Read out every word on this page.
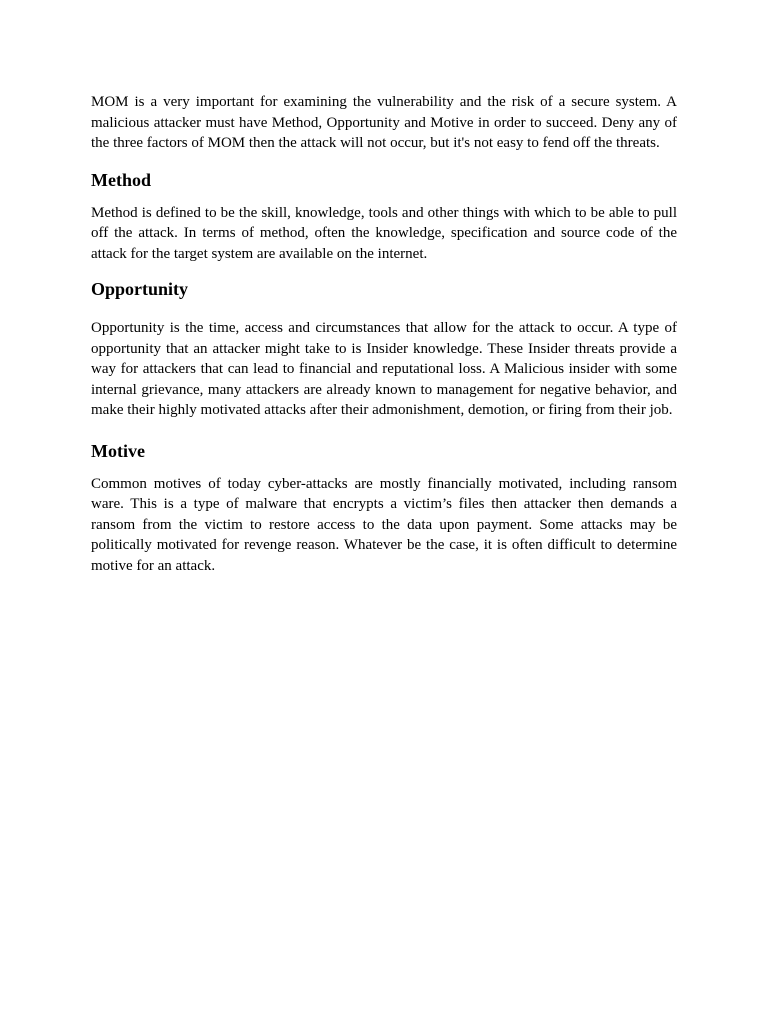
MOM is a very important for examining the vulnerability and the risk of a secure system. A malicious attacker must have Method, Opportunity and Motive in order to succeed. Deny any of the three factors of MOM then the attack will not occur, but it's not easy to fend off the threats.

Method

Method is defined to be the skill, knowledge, tools and other things with which to be able to pull off the attack. In terms of method, often the knowledge, specification and source code of the attack for the target system are available on the internet.

Opportunity

Opportunity is the time, access and circumstances that allow for the attack to occur. A type of opportunity that an attacker might take to is Insider knowledge. These Insider threats provide a way for attackers that can lead to financial and reputational loss. A Malicious insider with some internal grievance, many attackers are already known to management for negative behavior, and make their highly motivated attacks after their admonishment, demotion, or firing from their job.

Motive

Common motives of today cyber-attacks are mostly financially motivated, including ransom ware. This is a type of malware that encrypts a victim’s files then attacker then demands a ransom from the victim to restore access to the data upon payment. Some attacks may be politically motivated for revenge reason. Whatever be the case, it is often difficult to determine motive for an attack.
